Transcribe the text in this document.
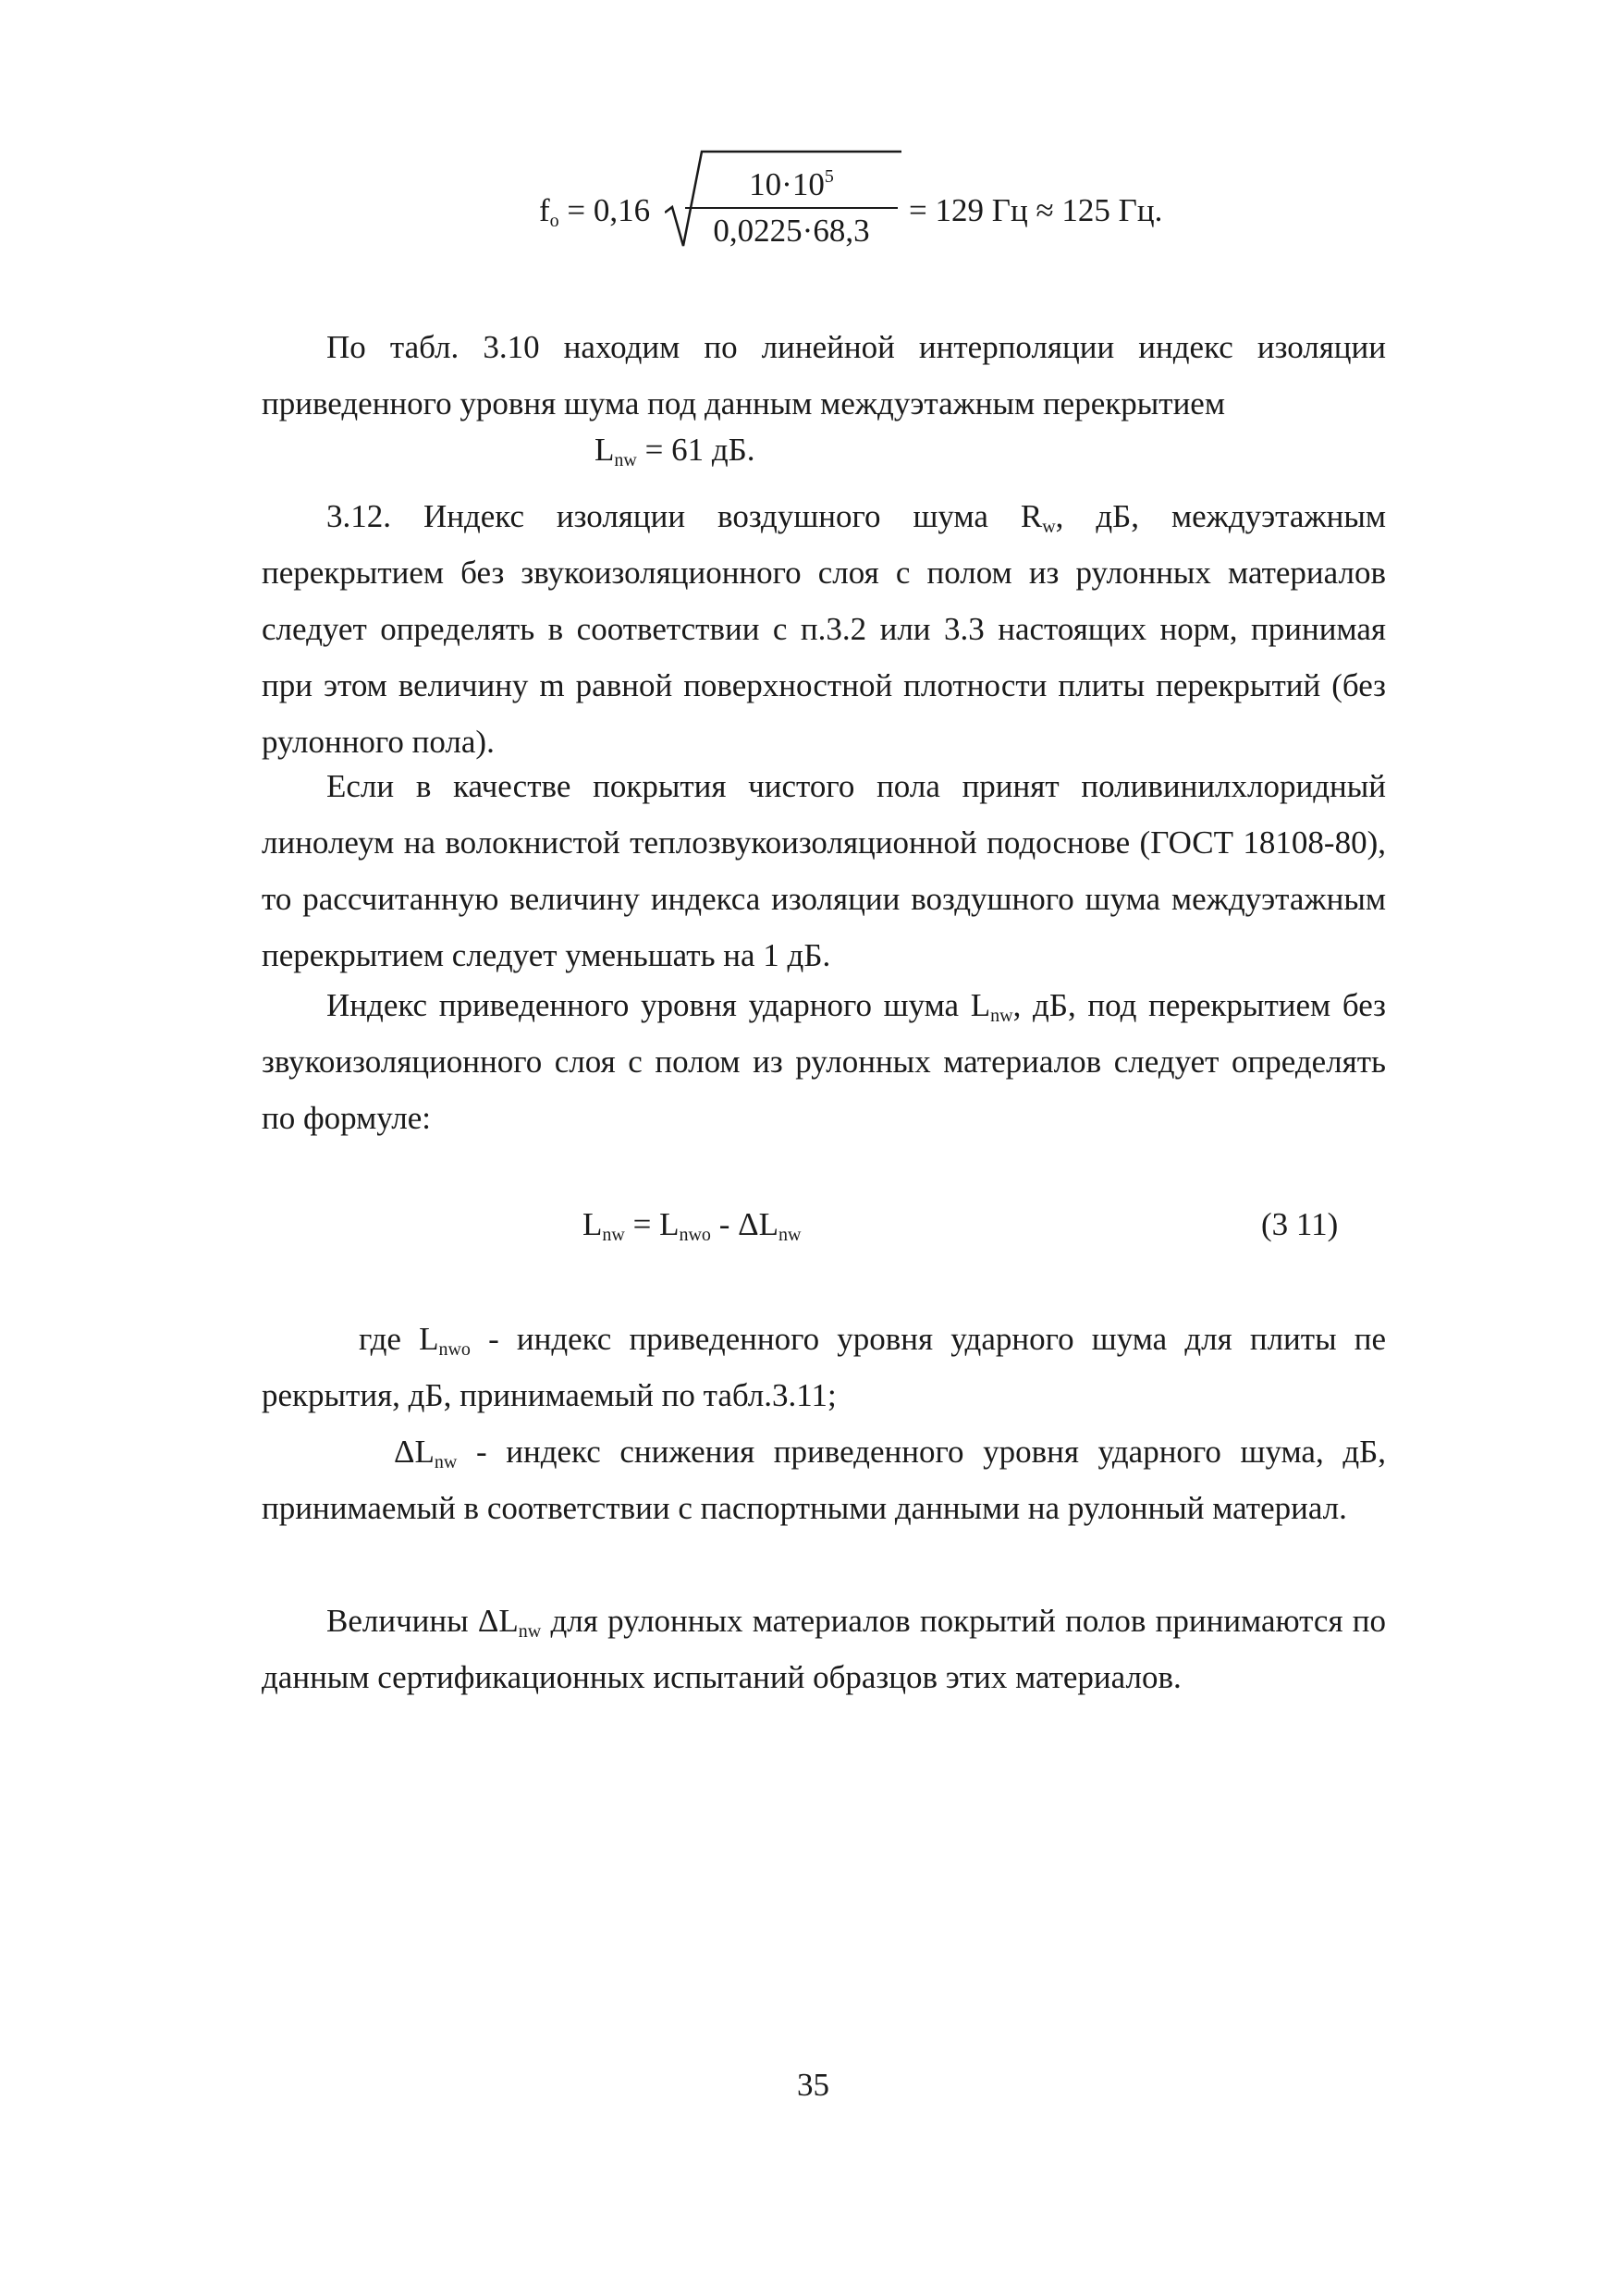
$f_o = 0,16$
$10\cdot 10^5$
0,0225·68,3
= 129 Гц ≈ 125 Гц.
По табл. 3.10 находим по линейной интерполяции индекс изоляции приведенного уровня шума под данным междуэтажным перекрытием
$L_{nw} = 61$ дБ.
3.12. Индекс изоляции воздушного шума $R_w$, дБ, междуэтажным перекрытием без звукоизоляционного слоя с полом из рулонных материалов следует определять в соответствии с п.3.2 или 3.3 настоящих норм, принимая при этом величину m равной поверхностной плотности плиты перекрытий (без рулонного пола).
Если в качестве покрытия чистого пола принят поливинилхлоридный линолеум на волокнистой теплозвукоизоляционной подоснове (ГОСТ 18108-80), то рассчитанную величину индекса изоляции воздушного шума междуэтажным перекрытием следует уменьшать на 1 дБ.
Индекс приведенного уровня ударного шума $L_{nw}$, дБ, под перекрытием без звукоизоляционного слоя с полом из рулонных материалов следует определять по формуле:
$L_{nw} = L_{nwo} - \Delta L_{nw}$	(3 11)
где $L_{nwo}$ - индекс приведенного уровня ударного шума для плиты пе рекрытия, дБ, принимаемый по табл.3.11;
$\Delta L_{nw}$ - индекс снижения приведенного уровня ударного шума, дБ, принимаемый в соответствии с паспортными данными на рулонный материал.
Величины $\Delta L_{nw}$ для рулонных материалов покрытий полов принимаются по данным сертификационных испытаний образцов этих материалов.
35
